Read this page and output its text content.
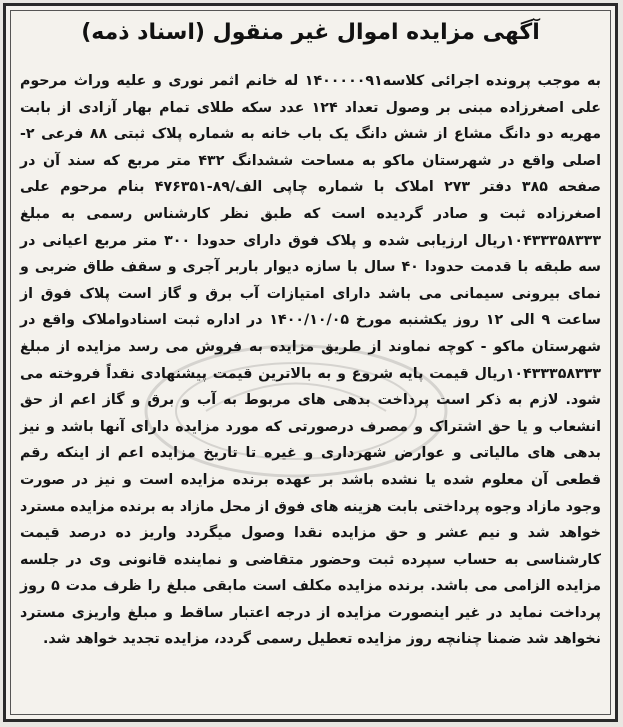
آگهی مزایده اموال غیر منقول (اسناد ذمه)
به موجب پرونده اجرائی کلاسه۱۴۰۰۰۰۰۹۱ له خانم اثمر نوری و علیه وراث مرحوم علی اصغرزاده مبنی بر وصول تعداد ۱۲۴ عدد سکه طلای تمام بهار آزادی از بابت مهریه دو دانگ مشاع از شش دانگ یک باب خانه به شماره پلاک ثبتی ۸۸ فرعی ۲- اصلی واقع در شهرستان ماکو به مساحت ششدانگ ۴۳۲ متر مربع که سند آن در صفحه ۳۸۵ دفتر ۲۷۳ املاک با شماره چاپی الف/۸۹-۴۷۶۳۵۱ بنام مرحوم علی اصغرزاده ثبت و صادر گردیده است که طبق نظر کارشناس رسمی به مبلغ ۱۰۴۳۳۳۵۸۳۳۳ریال ارزیابی شده و پلاک فوق دارای حدودا ۳۰۰ متر مربع اعیانی در سه طبقه با قدمت حدودا ۴۰ سال با سازه دیوار باربر آجری و سقف طاق ضربی و نمای بیرونی سیمانی می باشد دارای امتیازات آب برق و گاز است پلاک فوق از ساعت ۹ الی ۱۲ روز یکشنبه مورخ ۱۴۰۰/۱۰/۰۵ در اداره ثبت اسنادواملاک واقع در شهرستان ماکو - کوچه نماوند از طریق مزایده به فروش می رسد مزایده از مبلغ ۱۰۴۳۳۳۵۸۳۳۳ریال قیمت پایه شروع و به بالاترین قیمت پیشنهادی نقداً فروخته می شود. لازم به ذکر است پرداخت بدهی های مربوط به آب و برق و گاز اعم از حق انشعاب و یا حق اشتراک و مصرف درصورتی که مورد مزایده دارای آنها باشد و نیز بدهی های مالیاتی و عوارض شهرداری و غیره تا تاریخ مزایده اعم از اینکه رقم قطعی آن معلوم شده یا نشده باشد بر عهده برنده مزایده است و نیز در صورت وجود مازاد وجوه پرداختی بابت هزینه های فوق از محل مازاد به برنده مزایده مسترد خواهد شد و نیم عشر و حق مزایده نقدا وصول میگردد واریز ده درصد قیمت کارشناسی به حساب سپرده ثبت وحضور متقاضی و نماینده قانونی وی در جلسه مزایده الزامی می باشد. برنده مزایده مکلف است مابقی مبلغ را ظرف مدت ۵ روز پرداخت نماید در غیر اینصورت مزایده از درجه اعتبار ساقط و مبلغ واریزی مسترد نخواهد شد ضمنا چنانچه روز مزایده تعطیل رسمی گردد، مزایده تجدید خواهد شد.
